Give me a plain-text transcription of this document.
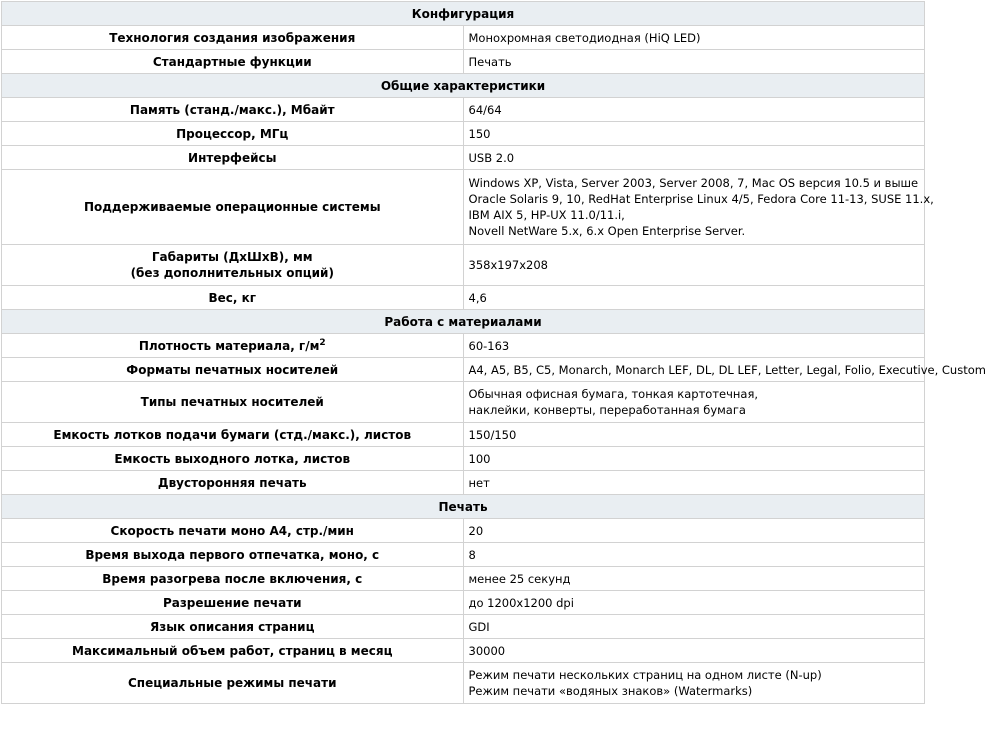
Конфигурация	
Технология создания изображения	Монохромная светодиодная (HiQ LED)

Стандартные функции	Печать

Общие характеристики	
Память (станд./макс.), Мбайт	64/64

Процессор, МГц	150

Интерфейсы	USB 2.0

Поддерживаемые операционные системы	Windows XP, Vista, Server 2003, Server 2008, 7, Mac OS версия 10.5 и выше
Oracle Solaris 9, 10, RedHat Enterprise Linux 4/5, Fedora Core 11-13, SUSE 11.x,
IBM AIX 5, HP-UX 11.0/11.i,
Novell NetWare 5.x, 6.x Open Enterprise Server.

Габариты (ДхШхВ), мм
(без дополнительных опций)	358x197x208

Вес, кг	4,6

Работа с материалами	
Плотность материала, $г/м^2$	60-163

Форматы печатных носителей	A4, A5, B5, C5, Monarch, Monarch LEF, DL, DL LEF, Letter, Legal, Folio, Executive, Custom

Типы печатных носителей	Обычная офисная бумага, тонкая картотечная,
наклейки, конверты, переработанная бумага

Емкость лотков подачи бумаги (стд./макс.), листов	150/150

Емкость выходного лотка, листов	100

Двусторонняя печать	нет

Печать	
Скорость печати моно А4, стр./мин	20

Время выхода первого отпечатка, моно, с	8

Время разогрева после включения, с	менее 25 секунд

Разрешение печати	до 1200x1200 dpi

Язык описания страниц	GDI

Максимальный объем работ, страниц в месяц	30000

Специальные режимы печати	Режим печати нескольких страниц на одном листе (N-up)
Режим печати «водяных знаков» (Watermarks)
